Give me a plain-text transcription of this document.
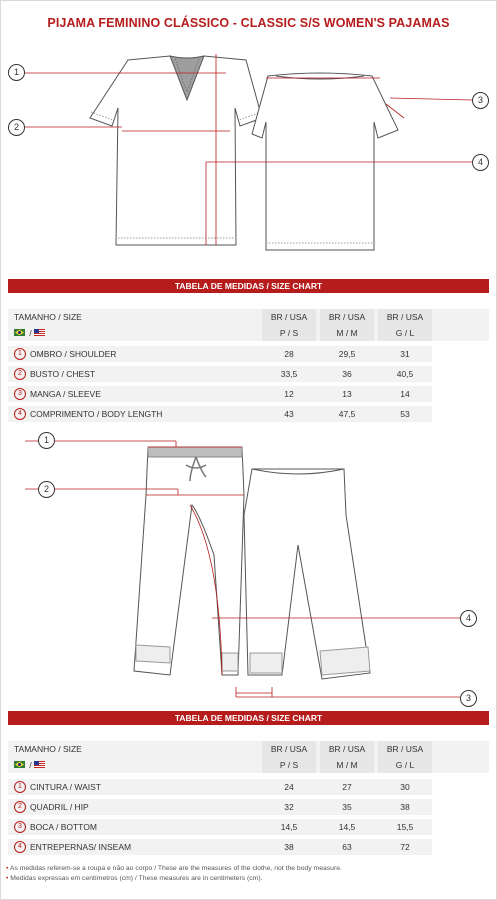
PIJAMA FEMININO CLÁSSICO - CLASSIC S/S WOMEN'S PAJAMAS
1
2
3
4
TABELA DE MEDIDAS / SIZE CHART
TAMANHO / SIZE	BR / USA	BR / USA	BR / USA
/	P / S	M / M	G / L
1 OMBRO / SHOULDER	28	29,5	31
2 BUSTO / CHEST	33,5	36	40,5
3 MANGA / SLEEVE	12	13	14
4 COMPRIMENTO / BODY LENGTH	43	47,5	53
1
2
3
4
TABELA DE MEDIDAS / SIZE CHART
TAMANHO / SIZE	BR / USA	BR / USA	BR / USA
/	P / S	M / M	G / L
1 CINTURA / WAIST	24	27	30
2 QUADRIL / HIP	32	35	38
3 BOCA / BOTTOM	14,5	14,5	15,5
4 ENTREPERNAS/ INSEAM	38	63	72
• As medidas referem-se a roupa e não ao corpo / These are the measures of the clothe, not the body measure.
• Medidas expressas em centímetros (cm) / These measures are in centimeters (cm).
